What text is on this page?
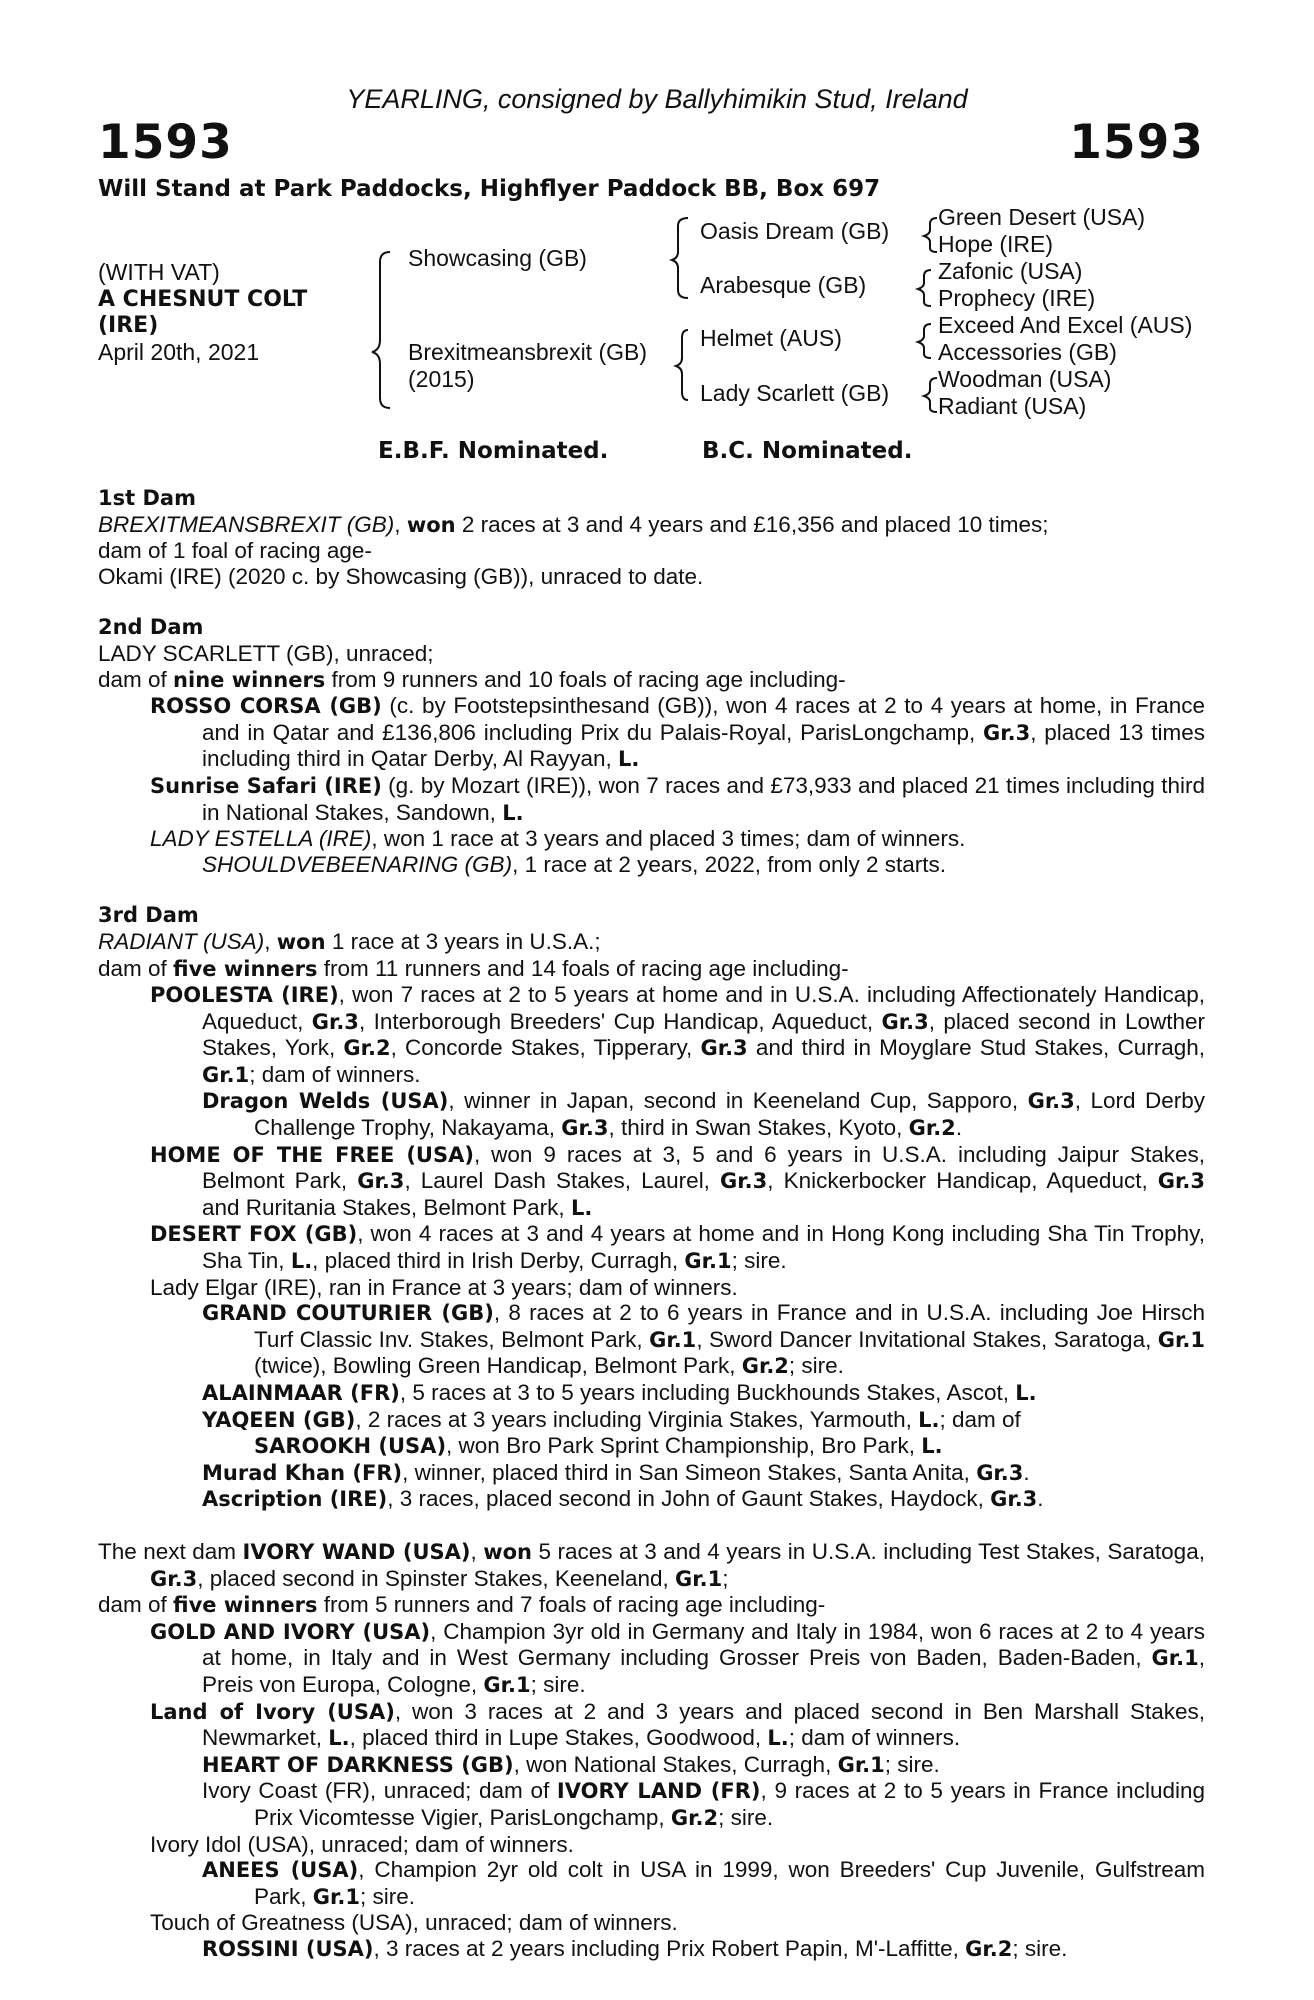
YEARLING, consigned by Ballyhimikin Stud, Ireland
1593	1593
Will Stand at Park Paddocks, Highflyer Paddock BB, Box 697
(WITH VAT)
A CHESNUT COLT
(IRE)
April 20th, 2021
Showcasing (GB)
Brexitmeansbrexit (GB)
(2015)
Oasis Dream (GB)
Arabesque (GB)
Helmet (AUS)
Lady Scarlett (GB)
Green Desert (USA)
Hope (IRE)
Zafonic (USA)
Prophecy (IRE)
Exceed And Excel (AUS)
Accessories (GB)
Woodman (USA)
Radiant (USA)
E.B.F. Nominated.	B.C. Nominated.

1st Dam

BREXITMEANSBREXIT (GB), won 2 races at 3 and 4 years and £16,356 and placed 10 times;

dam of 1 foal of racing age-

Okami (IRE) (2020 c. by Showcasing (GB)), unraced to date.

2nd Dam

LADY SCARLETT (GB), unraced;

dam of nine winners from 9 runners and 10 foals of racing age including-

ROSSO CORSA (GB) (c. by Footstepsinthesand (GB)), won 4 races at 2 to 4 years at home, in France and in Qatar and £136,806 including Prix du Palais-Royal, ParisLongchamp, Gr.3, placed 13 times including third in Qatar Derby, Al Rayyan, L.

Sunrise Safari (IRE) (g. by Mozart (IRE)), won 7 races and £73,933 and placed 21 times including third in National Stakes, Sandown, L.

LADY ESTELLA (IRE), won 1 race at 3 years and placed 3 times; dam of winners.

SHOULDVEBEENARING (GB), 1 race at 2 years, 2022, from only 2 starts.

3rd Dam

RADIANT (USA), won 1 race at 3 years in U.S.A.;

dam of five winners from 11 runners and 14 foals of racing age including-

POOLESTA (IRE), won 7 races at 2 to 5 years at home and in U.S.A. including Affectionately Handicap, Aqueduct, Gr.3, Interborough Breeders' Cup Handicap, Aqueduct, Gr.3, placed second in Lowther Stakes, York, Gr.2, Concorde Stakes, Tipperary, Gr.3 and third in Moyglare Stud Stakes, Curragh, Gr.1; dam of winners.

Dragon Welds (USA), winner in Japan, second in Keeneland Cup, Sapporo, Gr.3, Lord Derby Challenge Trophy, Nakayama, Gr.3, third in Swan Stakes, Kyoto, Gr.2.

HOME OF THE FREE (USA), won 9 races at 3, 5 and 6 years in U.S.A. including Jaipur Stakes, Belmont Park, Gr.3, Laurel Dash Stakes, Laurel, Gr.3, Knickerbocker Handicap, Aqueduct, Gr.3 and Ruritania Stakes, Belmont Park, L.

DESERT FOX (GB), won 4 races at 3 and 4 years at home and in Hong Kong including Sha Tin Trophy, Sha Tin, L., placed third in Irish Derby, Curragh, Gr.1; sire.

Lady Elgar (IRE), ran in France at 3 years; dam of winners.

GRAND COUTURIER (GB), 8 races at 2 to 6 years in France and in U.S.A. including Joe Hirsch Turf Classic Inv. Stakes, Belmont Park, Gr.1, Sword Dancer Invitational Stakes, Saratoga, Gr.1 (twice), Bowling Green Handicap, Belmont Park, Gr.2; sire.

ALAINMAAR (FR), 5 races at 3 to 5 years including Buckhounds Stakes, Ascot, L.

YAQEEN (GB), 2 races at 3 years including Virginia Stakes, Yarmouth, L.; dam of

SAROOKH (USA), won Bro Park Sprint Championship, Bro Park, L.

Murad Khan (FR), winner, placed third in San Simeon Stakes, Santa Anita, Gr.3.

Ascription (IRE), 3 races, placed second in John of Gaunt Stakes, Haydock, Gr.3.

The next dam IVORY WAND (USA), won 5 races at 3 and 4 years in U.S.A. including Test Stakes, Saratoga, Gr.3, placed second in Spinster Stakes, Keeneland, Gr.1;

dam of five winners from 5 runners and 7 foals of racing age including-

GOLD AND IVORY (USA), Champion 3yr old in Germany and Italy in 1984, won 6 races at 2 to 4 years at home, in Italy and in West Germany including Grosser Preis von Baden, Baden-Baden, Gr.1, Preis von Europa, Cologne, Gr.1; sire.

Land of Ivory (USA), won 3 races at 2 and 3 years and placed second in Ben Marshall Stakes, Newmarket, L., placed third in Lupe Stakes, Goodwood, L.; dam of winners.

HEART OF DARKNESS (GB), won National Stakes, Curragh, Gr.1; sire.

Ivory Coast (FR), unraced; dam of IVORY LAND (FR), 9 races at 2 to 5 years in France including Prix Vicomtesse Vigier, ParisLongchamp, Gr.2; sire.

Ivory Idol (USA), unraced; dam of winners.

ANEES (USA), Champion 2yr old colt in USA in 1999, won Breeders' Cup Juvenile, Gulfstream Park, Gr.1; sire.

Touch of Greatness (USA), unraced; dam of winners.

ROSSINI (USA), 3 races at 2 years including Prix Robert Papin, M'-Laffitte, Gr.2; sire.
